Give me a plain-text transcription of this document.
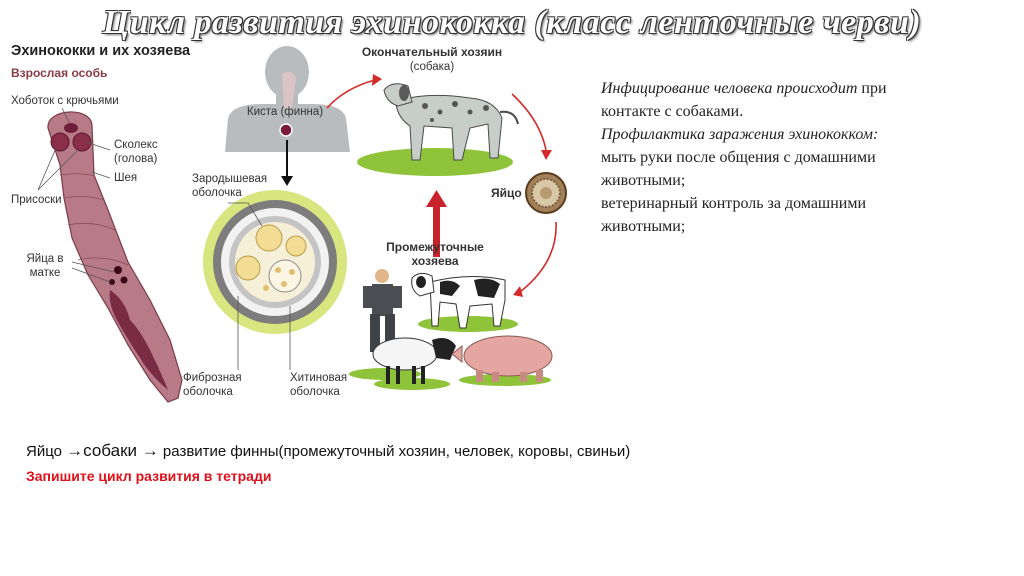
Цикл развития эхинококка (класс ленточные черви)
Эхинококки и их хозяева
Взрослая особь
Хоботок с крючьями
Сколекс (голова)
Шея
Присоски
Яйца в матке
Киста (финна)
Зародышевая оболочка
Фиброзная оболочка
Хитиновая оболочка
Окончательный хозяин
(собака)
Яйцо
Промежуточные хозяева
Инфицирование человека происходит при контакте с собаками.
Профилактика заражения эхинококком:
мыть руки после общения с домашними животными;
ветеринарный контроль за домашними животными;
Яйцо →собаки → развитие финны(промежуточный хозяин, человек, коровы, свиньи)
Запишите цикл развития в тетради
